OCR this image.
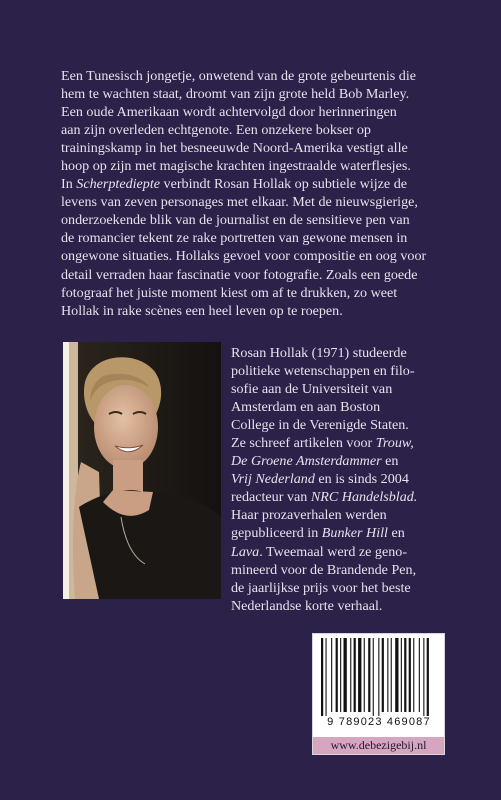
Een Tunesisch jongetje, onwetend van de grote gebeurtenis die
hem te wachten staat, droomt van zijn grote held Bob Marley.
Een oude Amerikaan wordt achtervolgd door herinneringen
aan zijn overleden echtgenote. Een onzekere bokser op
trainingskamp in het besneeuwde Noord-Amerika vestigt alle
hoop op zijn met magische krachten ingestraalde waterflesjes.
In Scherptediepte verbindt Rosan Hollak op subtiele wijze de
levens van zeven personages met elkaar. Met de nieuwsgierige,
onderzoekende blik van de journalist en de sensitieve pen van
de romancier tekent ze rake portretten van gewone mensen in
ongewone situaties. Hollaks gevoel voor compositie en oog voor
detail verraden haar fascinatie voor fotografie. Zoals een goede
fotograaf het juiste moment kiest om af te drukken, zo weet
Hollak in rake scènes een heel leven op te roepen.
Rosan Hollak (1971) studeerde
politieke wetenschappen en filo-
sofie aan de Universiteit van
Amsterdam en aan Boston
College in de Verenigde Staten.
Ze schreef artikelen voor Trouw,
De Groene Amsterdammer en
Vrij Nederland en is sinds 2004
redacteur van NRC Handelsblad.
Haar prozaverhalen werden
gepubliceerd in Bunker Hill en
Lava. Tweemaal werd ze geno-
mineerd voor de Brandende Pen,
de jaarlijkse prijs voor het beste
Nederlandse korte verhaal.
9 789023 469087
www.debezigebij.nl
